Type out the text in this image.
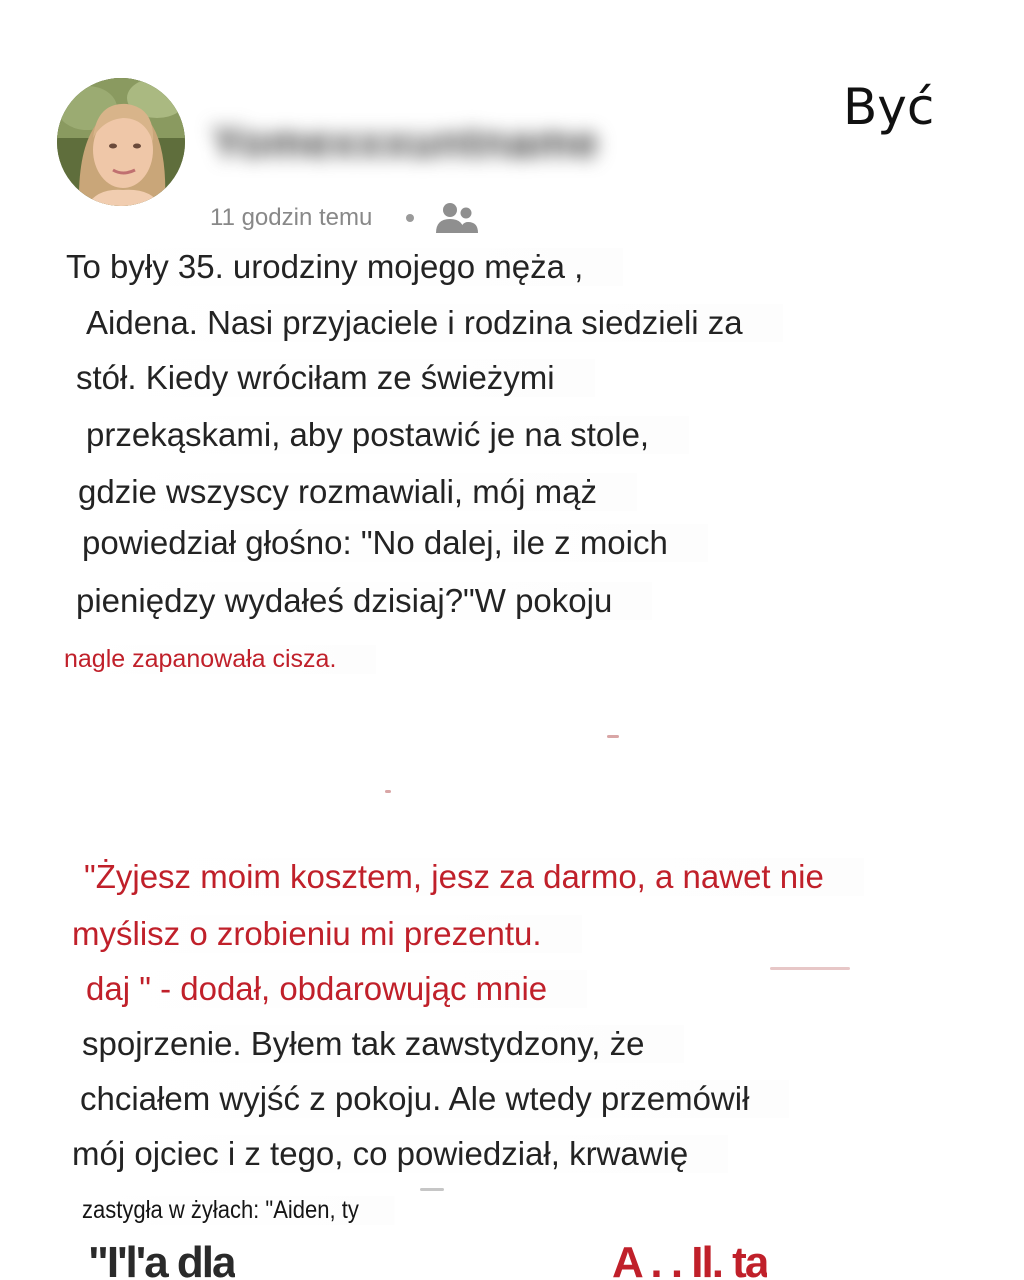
Yomexxxuntname
Być
11 godzin temu
To były 35. urodziny mojego męża ,
Aidena. Nasi przyjaciele i rodzina siedzieli za
stół. Kiedy wróciłam ze świeżymi
przekąskami, aby postawić je na stole,
gdzie wszyscy rozmawiali, mój mąż
powiedział głośno: "No dalej, ile z moich
pieniędzy wydałeś dzisiaj?"W pokoju
nagle zapanowała cisza.
"Żyjesz moim kosztem, jesz za darmo, a nawet nie
myślisz o zrobieniu mi prezentu.
daj " - dodał, obdarowując mnie
spojrzenie. Byłem tak zawstydzony, że
chciałem wyjść z pokoju. Ale wtedy przemówił
mój ojciec i z tego, co powiedział, krwawię
zastygła w żyłach: "Aiden, ty
"I'l'a dla	A . . Il. ta
